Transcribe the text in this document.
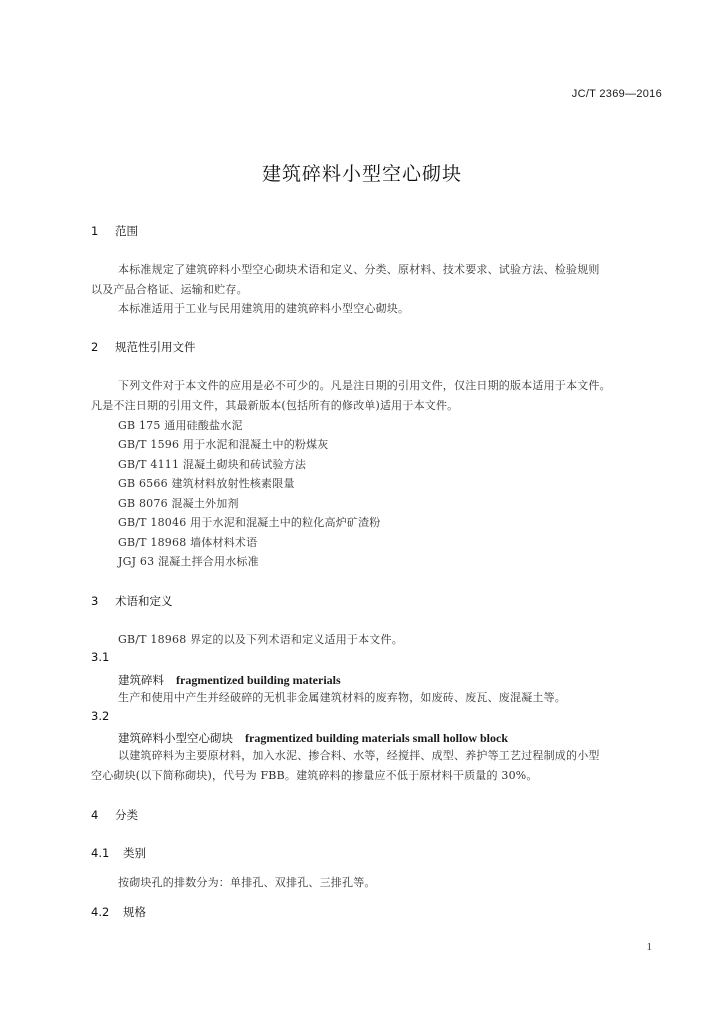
JC/T 2369—2016
建筑碎料小型空心砌块
1 范围
本标准规定了建筑碎料小型空心砌块术语和定义、分类、原材料、技术要求、试验方法、检验规则
以及产品合格证、运输和贮存。
本标准适用于工业与民用建筑用的建筑碎料小型空心砌块。
2 规范性引用文件
下列文件对于本文件的应用是必不可少的。凡是注日期的引用文件，仅注日期的版本适用于本文件。
凡是不注日期的引用文件，其最新版本(包括所有的修改单)适用于本文件。
GB 175 通用硅酸盐水泥
GB/T 1596 用于水泥和混凝土中的粉煤灰
GB/T 4111 混凝土砌块和砖试验方法
GB 6566 建筑材料放射性核素限量
GB 8076 混凝土外加剂
GB/T 18046 用于水泥和混凝土中的粒化高炉矿渣粉
GB/T 18968 墙体材料术语
JGJ 63 混凝土拌合用水标准
3 术语和定义
GB/T 18968 界定的以及下列术语和定义适用于本文件。
3.1
建筑碎料 fragmentized building materials
生产和使用中产生并经破碎的无机非金属建筑材料的废弃物，如废砖、废瓦、废混凝土等。
3.2
建筑碎料小型空心砌块 fragmentized building materials small hollow block
以建筑碎料为主要原材料，加入水泥、掺合料、水等，经搅拌、成型、养护等工艺过程制成的小型
空心砌块(以下简称砌块)，代号为 FBB。建筑碎料的掺量应不低于原材料干质量的 30%。
4 分类
4.1 类别
按砌块孔的排数分为：单排孔、双排孔、三排孔等。
4.2 规格
1
